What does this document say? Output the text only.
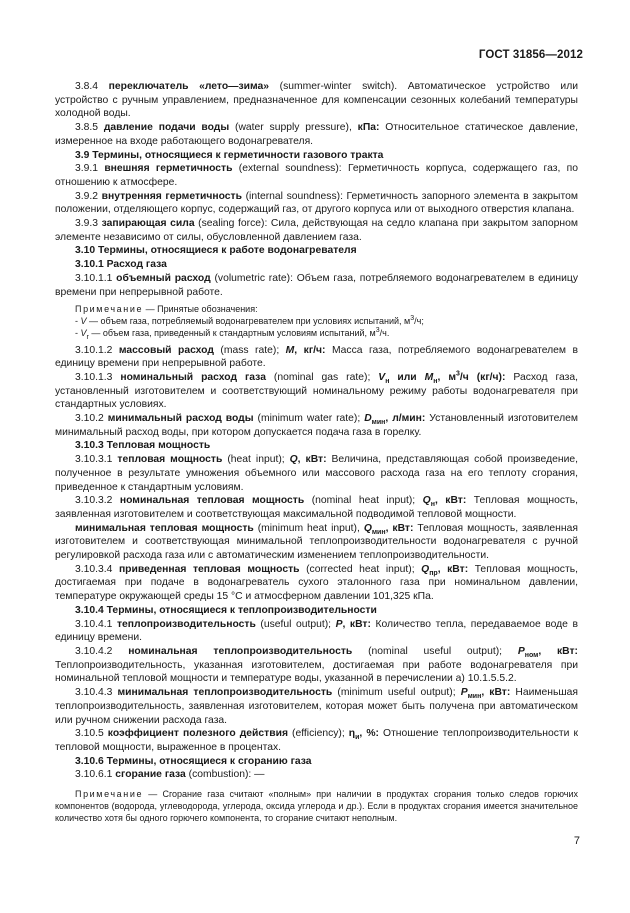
ГОСТ 31856—2012

3.8.4 переключатель «лето—зима» (summer-winter switch). Автоматическое устройство или устройство с ручным управлением, предназначенное для компенсации сезонных колебаний температуры холодной воды.

3.8.5 давление подачи воды (water supply pressure), кПа: Относительное статическое давление, измеренное на входе работающего водонагревателя.

3.9 Термины, относящиеся к герметичности газового тракта

3.9.1 внешняя герметичность (external soundness): Герметичность корпуса, содержащего газ, по отношению к атмосфере.

3.9.2 внутренняя герметичность (internal soundness): Герметичность запорного элемента в закрытом положении, отделяющего корпус, содержащий газ, от другого корпуса или от выходного отверстия клапана.

3.9.3 запирающая сила (sealing force): Сила, действующая на седло клапана при закрытом запорном элементе независимо от силы, обусловленной давлением газа.

3.10 Термины, относящиеся к работе водонагревателя

3.10.1 Расход газа

3.10.1.1 объемный расход (volumetric rate): Объем газа, потребляемого водонагревателем в единицу времени при непрерывной работе.

Примечание — Принятые обозначения:

- V — объем газа, потребляемый водонагревателем при условиях испытаний, $м^3/ч$;

- $V_r$ — объем газа, приведенный к стандартным условиям испытаний, $м^3/ч$.

3.10.1.2 массовый расход (mass rate); M, кг/ч: Масса газа, потребляемого водонагревателем в единицу времени при непрерывной работе.

3.10.1.3 номинальный расход газа (nominal gas rate); $V_н$ или $M_н$, $м^3/ч$ (кг/ч): Расход газа, установленный изготовителем и соответствующий номинальному режиму работы водонагревателя при стандартных условиях.

3.10.2 минимальный расход воды (minimum water rate); $D_{мин}$, л/мин: Установленный изготовителем минимальный расход воды, при котором допускается подача газа в горелку.

3.10.3 Тепловая мощность

3.10.3.1 тепловая мощность (heat input); Q, кВт: Величина, представляющая собой произведение, полученное в результате умножения объемного или массового расхода газа на его теплоту сгорания, приведенное к стандартным условиям.

3.10.3.2 номинальная тепловая мощность (nominal heat input); $Q_н$, кВт: Тепловая мощность, заявленная изготовителем и соответствующая максимальной подводимой тепловой мощности.

минимальная тепловая мощность (minimum heat input), $Q_{мин}$, кВт: Тепловая мощность, заявленная изготовителем и соответствующая минимальной теплопроизводительности водонагревателя с ручной регулировкой расхода газа или с автоматическим изменением теплопроизводительности.

3.10.3.4 приведенная тепловая мощность (corrected heat input); $Q_{пр}$, кВт: Тепловая мощность, достигаемая при подаче в водонагреватель сухого эталонного газа при номинальном давлении, температуре окружающей среды 15 °С и атмосферном давлении 101,325 кПа.

3.10.4 Термины, относящиеся к теплопроизводительности

3.10.4.1 теплопроизводительность (useful output); P, кВт: Количество тепла, передаваемое воде в единицу времени.

3.10.4.2 номинальная теплопроизводительность (nominal useful output); $P_{ном}$, кВт: Теплопроизводительность, указанная изготовителем, достигаемая при работе водонагревателя при номинальной тепловой мощности и температуре воды, указанной в перечислении а) 10.1.5.5.2.

3.10.4.3 минимальная теплопроизводительность (minimum useful output); $P_{мин}$, кВт: Наименьшая теплопроизводительность, заявленная изготовителем, которая может быть получена при автоматическом или ручном снижении расхода газа.

3.10.5 коэффициент полезного действия (efficiency); $\eta_и$, %: Отношение теплопроизводительности к тепловой мощности, выраженное в процентах.

3.10.6 Термины, относящиеся к сгоранию газа

3.10.6.1 сгорание газа (combustion): —

Примечание — Сгорание газа считают «полным» при наличии в продуктах сгорания только следов горючих компонентов (водорода, углеводорода, углерода, оксида углерода и др.). Если в продуктах сгорания имеется значительное количество хотя бы одного горючего компонента, то сгорание считают неполным.

7
